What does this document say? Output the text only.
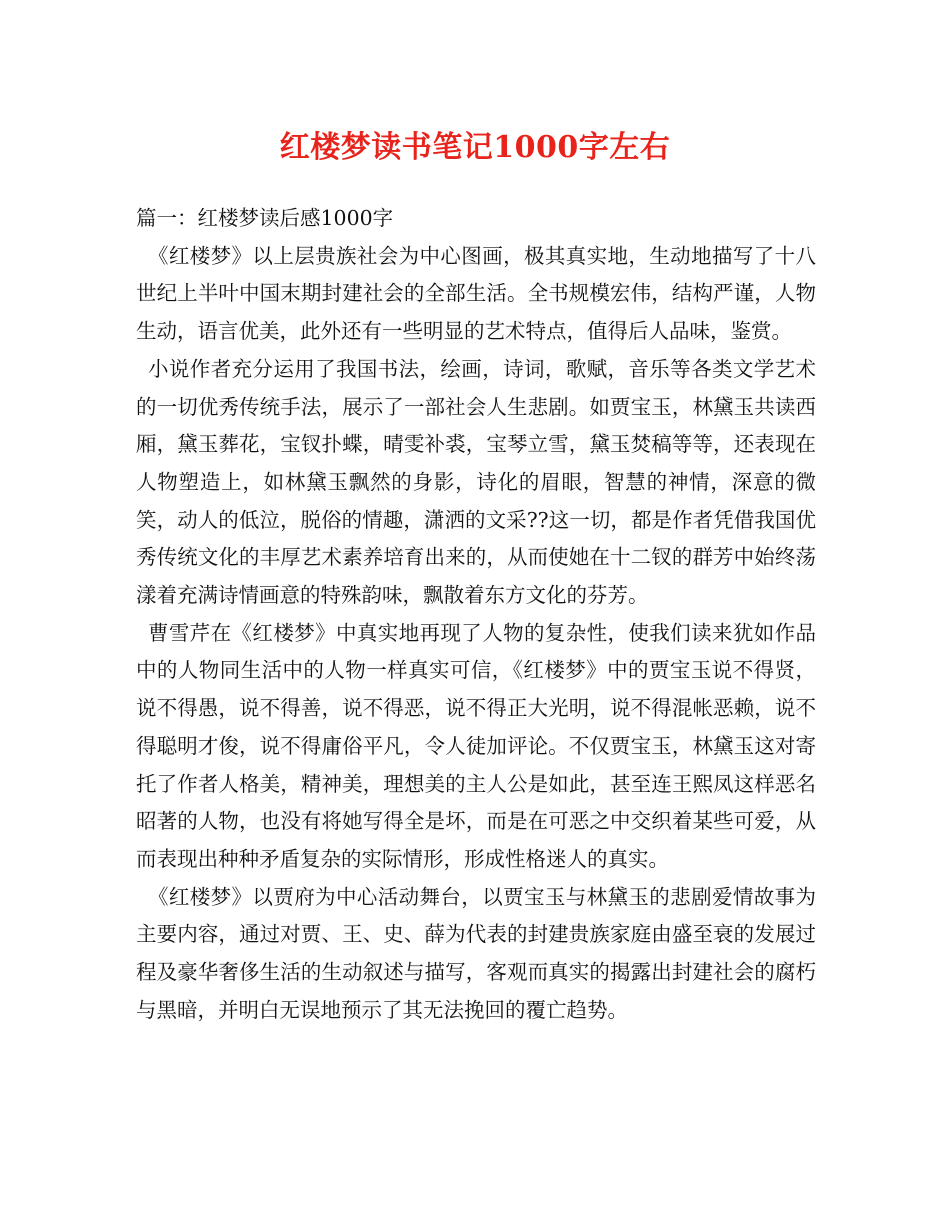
红楼梦读书笔记1000字左右

篇一：红楼梦读后感1000字

《红楼梦》以上层贵族社会为中心图画，极其真实地，生动地描写了十八世纪上半叶中国末期封建社会的全部生活。全书规模宏伟，结构严谨，人物生动，语言优美，此外还有一些明显的艺术特点，值得后人品味，鉴赏。

小说作者充分运用了我国书法，绘画，诗词，歌赋，音乐等各类文学艺术的一切优秀传统手法，展示了一部社会人生悲剧。如贾宝玉，林黛玉共读西厢，黛玉葬花，宝钗扑蝶，晴雯补裘，宝琴立雪，黛玉焚稿等等，还表现在人物塑造上，如林黛玉飘然的身影，诗化的眉眼，智慧的神情，深意的微笑，动人的低泣，脱俗的情趣，潇洒的文采??这一切，都是作者凭借我国优秀传统文化的丰厚艺术素养培育出来的，从而使她在十二钗的群芳中始终荡漾着充满诗情画意的特殊韵味，飘散着东方文化的芬芳。

曹雪芹在《红楼梦》中真实地再现了人物的复杂性，使我们读来犹如作品中的人物同生活中的人物一样真实可信，《红楼梦》中的贾宝玉说不得贤，说不得愚，说不得善，说不得恶，说不得正大光明，说不得混帐恶赖，说不得聪明才俊，说不得庸俗平凡，令人徒加评论。不仅贾宝玉，林黛玉这对寄托了作者人格美，精神美，理想美的主人公是如此，甚至连王熙凤这样恶名昭著的人物，也没有将她写得全是坏，而是在可恶之中交织着某些可爱，从而表现出种种矛盾复杂的实际情形，形成性格迷人的真实。

《红楼梦》以贾府为中心活动舞台，以贾宝玉与林黛玉的悲剧爱情故事为主要内容，通过对贾、王、史、薛为代表的封建贵族家庭由盛至衰的发展过程及豪华奢侈生活的生动叙述与描写，客观而真实的揭露出封建社会的腐朽与黑暗，并明白无误地预示了其无法挽回的覆亡趋势。
